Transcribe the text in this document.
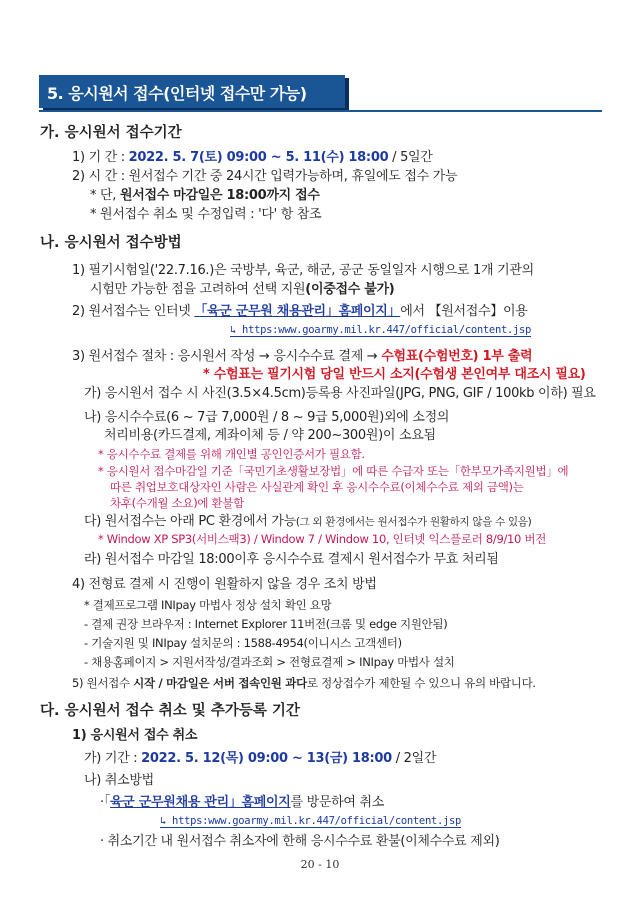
5. 응시원서 접수(인터넷 접수만 가능)
가. 응시원서 접수기간
1) 기 간 : 2022. 5. 7(토) 09:00 ~ 5. 11(수) 18:00 / 5일간
2) 시 간 : 원서접수 기간 중 24시간 입력가능하며, 휴일에도 접수 가능
* 단, 원서접수 마감일은 18:00까지 접수
* 원서접수 취소 및 수정입력 : '다' 항 참조
나. 응시원서 접수방법
1) 필기시험일('22.7.16.)은 국방부, 육군, 해군, 공군 동일일자 시행으로 1개 기관의
시험만 가능한 점을 고려하여 선택 지원(이중접수 불가)
2) 원서접수는 인터넷 「육군 군무원 채용관리」홈페이지」에서 【원서접수】이용
↳ https:www.goarmy.mil.kr.447/official/content.jsp
3) 원서접수 절차 : 응시원서 작성 → 응시수수료 결제 → 수험표(수험번호) 1부 출력
* 수험표는 필기시험 당일 반드시 소지(수험생 본인여부 대조시 필요)
가) 응시원서 접수 시 사진(3.5×4.5cm)등록용 사진파일(JPG, PNG, GIF / 100kb 이하) 필요
나) 응시수수료(6 ~ 7급 7,000원 / 8 ~ 9급 5,000원)외에 소정의
처리비용(카드결제, 계좌이체 등 / 약 200~300원)이 소요됨
* 응시수수료 결제를 위해 개인별 공인인증서가 필요함.
* 응시원서 접수마감일 기준「국민기초생활보장법」에 따른 수급자 또는「한부모가족지원법」에
따른 취업보호대상자인 사람은 사실관계 확인 후 응시수수료(이체수수료 제외 금액)는
차후(수개월 소요)에 환불함
다) 원서접수는 아래 PC 환경에서 가능(그 외 환경에서는 원서접수가 원활하지 않을 수 있음)
* Window XP SP3(서비스팩3) / Window 7 / Window 10, 인터넷 익스플로러 8/9/10 버전
라) 원서접수 마감일 18:00이후 응시수수료 결제시 원서접수가 무효 처리됨
4) 전형료 결제 시 진행이 원활하지 않을 경우 조치 방법
* 결제프로그램 INIpay 마법사 정상 설치 확인 요망
- 결제 권장 브라우저 : Internet Explorer 11버전(크롬 및 edge 지원안됨)
- 기술지원 및 INIpay 설치문의 : 1588-4954(이니시스 고객센터)
- 채용홈페이지 > 지원서작성/결과조회 > 전형료결제 > INIpay 마법사 설치
5) 원서접수 시작 / 마감일은 서버 접속인원 과다로 정상접수가 제한될 수 있으니 유의 바랍니다.
다. 응시원서 접수 취소 및 추가등록 기간
1) 응시원서 접수 취소
가) 기간 : 2022. 5. 12(목) 09:00 ~ 13(금) 18:00 / 2일간
나) 취소방법
·「육군 군무원채용 관리」홈페이지를 방문하여 취소
↳ https:www.goarmy.mil.kr.447/official/content.jsp
· 취소기간 내 원서접수 취소자에 한해 응시수수료 환불(이체수수료 제외)
20 - 10
